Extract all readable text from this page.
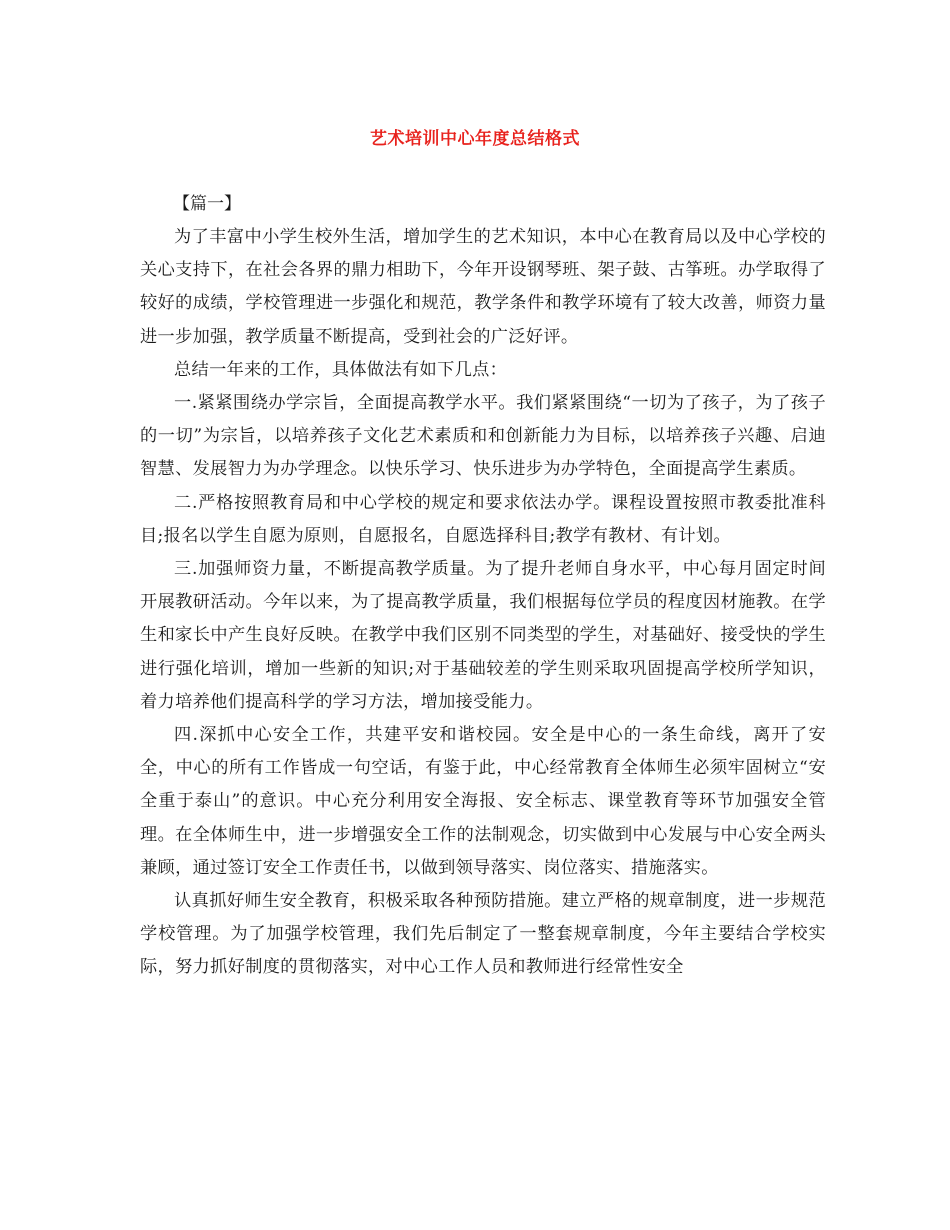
艺术培训中心年度总结格式

【篇一】

为了丰富中小学生校外生活，增加学生的艺术知识，本中心在教育局以及中心学校的关心支持下，在社会各界的鼎力相助下，今年开设钢琴班、架子鼓、古筝班。办学取得了较好的成绩，学校管理进一步强化和规范，教学条件和教学环境有了较大改善，师资力量进一步加强，教学质量不断提高，受到社会的广泛好评。

总结一年来的工作，具体做法有如下几点：

一.紧紧围绕办学宗旨，全面提高教学水平。我们紧紧围绕“一切为了孩子，为了孩子的一切”为宗旨，以培养孩子文化艺术素质和和创新能力为目标，以培养孩子兴趣、启迪智慧、发展智力为办学理念。以快乐学习、快乐进步为办学特色，全面提高学生素质。

二.严格按照教育局和中心学校的规定和要求依法办学。课程设置按照市教委批准科目;报名以学生自愿为原则，自愿报名，自愿选择科目;教学有教材、有计划。

三.加强师资力量，不断提高教学质量。为了提升老师自身水平，中心每月固定时间开展教研活动。今年以来，为了提高教学质量，我们根据每位学员的程度因材施教。在学生和家长中产生良好反映。在教学中我们区别不同类型的学生，对基础好、接受快的学生进行强化培训，增加一些新的知识;对于基础较差的学生则采取巩固提高学校所学知识，着力培养他们提高科学的学习方法，增加接受能力。

四.深抓中心安全工作，共建平安和谐校园。安全是中心的一条生命线，离开了安全，中心的所有工作皆成一句空话，有鉴于此，中心经常教育全体师生必须牢固树立“安全重于泰山”的意识。中心充分利用安全海报、安全标志、课堂教育等环节加强安全管理。在全体师生中，进一步增强安全工作的法制观念，切实做到中心发展与中心安全两头兼顾，通过签订安全工作责任书，以做到领导落实、岗位落实、措施落实。

认真抓好师生安全教育，积极采取各种预防措施。建立严格的规章制度，进一步规范学校管理。为了加强学校管理，我们先后制定了一整套规章制度，今年主要结合学校实际，努力抓好制度的贯彻落实，对中心工作人员和教师进行经常性安全
